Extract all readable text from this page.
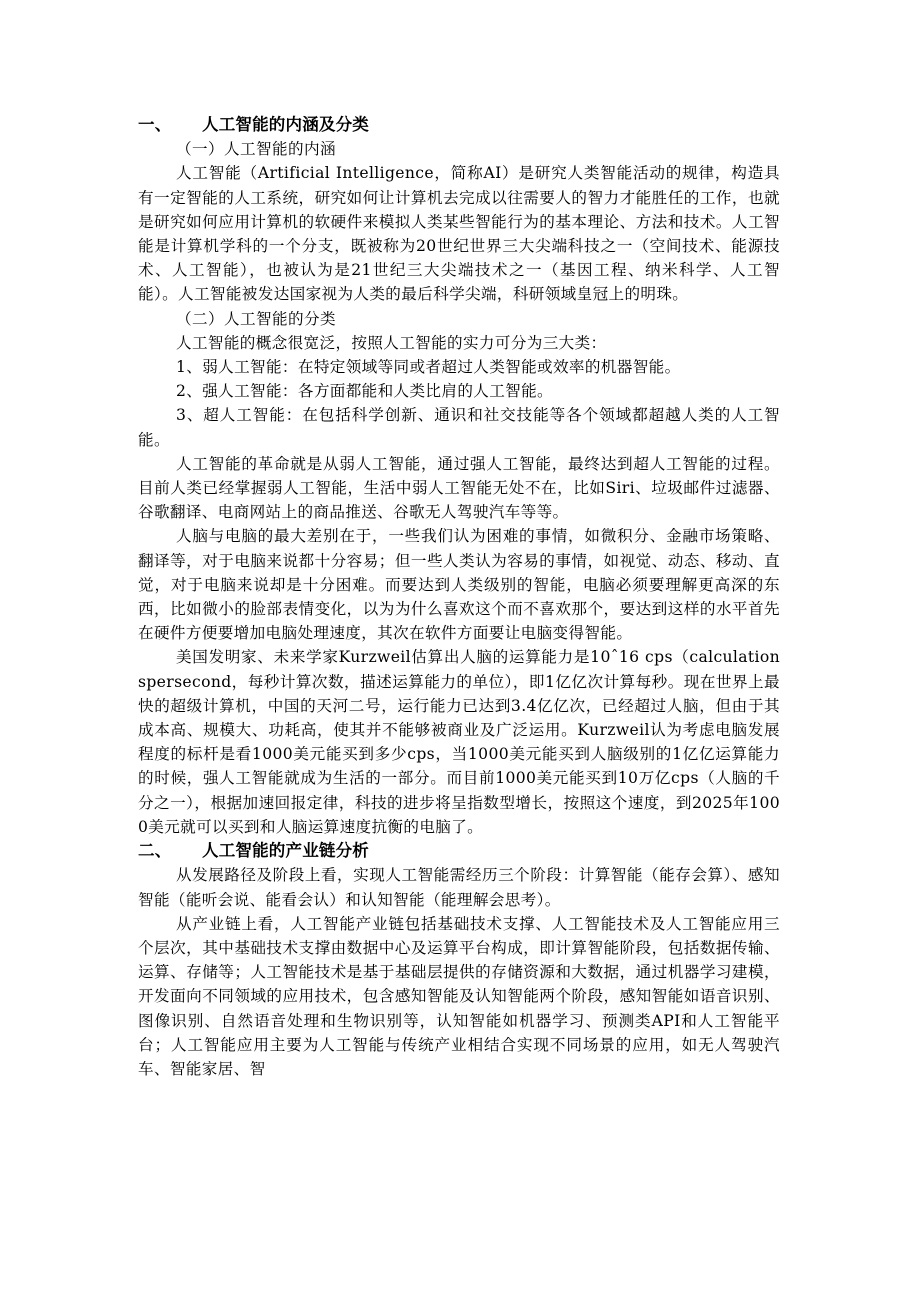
一、	人工智能的内涵及分类
（一）人工智能的内涵

人工智能（Artificial Intelligence，简称AI）是研究人类智能活动的规律，构造具有一定智能的人工系统，研究如何让计算机去完成以往需要人的智力才能胜任的工作，也就是研究如何应用计算机的软硬件来模拟人类某些智能行为的基本理论、方法和技术。人工智能是计算机学科的一个分支，既被称为20世纪世界三大尖端科技之一（空间技术、能源技术、人工智能），也被认为是21世纪三大尖端技术之一（基因工程、纳米科学、人工智能）。人工智能被发达国家视为人类的最后科学尖端，科研领域皇冠上的明珠。

（二）人工智能的分类

人工智能的概念很宽泛，按照人工智能的实力可分为三大类：

1、弱人工智能：在特定领域等同或者超过人类智能或效率的机器智能。

2、强人工智能：各方面都能和人类比肩的人工智能。

3、超人工智能：在包括科学创新、通识和社交技能等各个领域都超越人类的人工智能。

人工智能的革命就是从弱人工智能，通过强人工智能，最终达到超人工智能的过程。目前人类已经掌握弱人工智能，生活中弱人工智能无处不在，比如Siri、垃圾邮件过滤器、谷歌翻译、电商网站上的商品推送、谷歌无人驾驶汽车等等。

人脑与电脑的最大差别在于，一些我们认为困难的事情，如微积分、金融市场策略、翻译等，对于电脑来说都十分容易；但一些人类认为容易的事情，如视觉、动态、移动、直觉，对于电脑来说却是十分困难。而要达到人类级别的智能，电脑必须要理解更高深的东西，比如微小的脸部表情变化，以为为什么喜欢这个而不喜欢那个，要达到这样的水平首先在硬件方便要增加电脑处理速度，其次在软件方面要让电脑变得智能。

美国发明家、未来学家Kurzweil估算出人脑的运算能力是10ˆ16 cps（calculationspersecond，每秒计算次数，描述运算能力的单位），即1亿亿次计算每秒。现在世界上最快的超级计算机，中国的天河二号，运行能力已达到3.4亿亿次，已经超过人脑，但由于其成本高、规模大、功耗高，使其并不能够被商业及广泛运用。Kurzweil认为考虑电脑发展程度的标杆是看1000美元能买到多少cps，当1000美元能买到人脑级别的1亿亿运算能力的时候，强人工智能就成为生活的一部分。而目前1000美元能买到10万亿cps（人脑的千分之一），根据加速回报定律，科技的进步将呈指数型增长，按照这个速度，到2025年1000美元就可以买到和人脑运算速度抗衡的电脑了。

二、	人工智能的产业链分析

从发展路径及阶段上看，实现人工智能需经历三个阶段：计算智能（能存会算）、感知智能（能听会说、能看会认）和认知智能（能理解会思考）。

从产业链上看，人工智能产业链包括基础技术支撑、人工智能技术及人工智能应用三个层次，其中基础技术支撑由数据中心及运算平台构成，即计算智能阶段，包括数据传输、运算、存储等；人工智能技术是基于基础层提供的存储资源和大数据，通过机器学习建模，开发面向不同领域的应用技术，包含感知智能及认知智能两个阶段，感知智能如语音识别、图像识别、自然语音处理和生物识别等，认知智能如机器学习、预测类API和人工智能平台；人工智能应用主要为人工智能与传统产业相结合实现不同场景的应用，如无人驾驶汽车、智能家居、智
